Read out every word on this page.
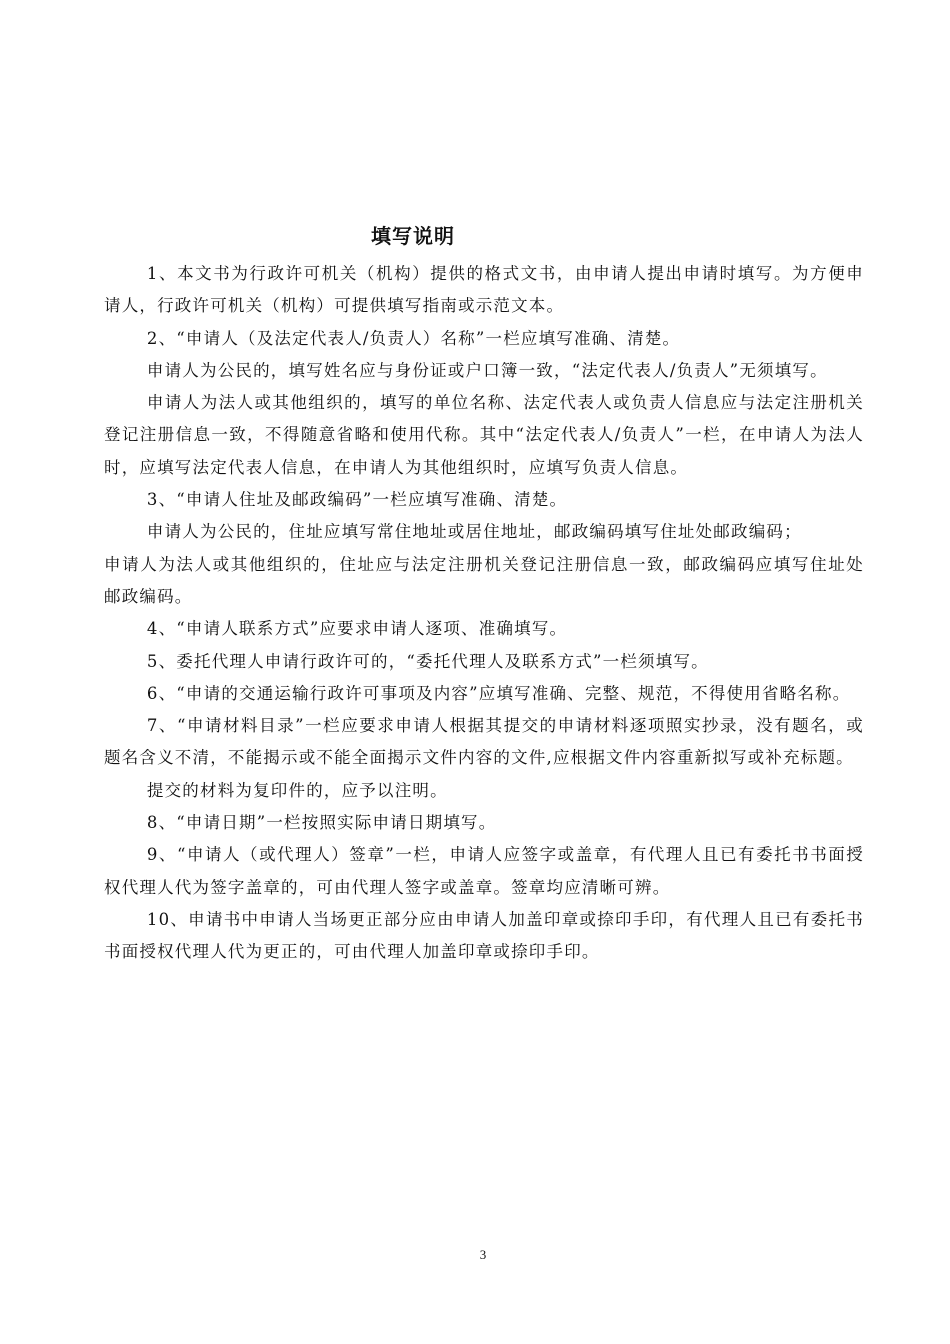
填写说明

1、本文书为行政许可机关（机构）提供的格式文书，由申请人提出申请时填写。为方便申请人，行政许可机关（机构）可提供填写指南或示范文本。

2、“申请人（及法定代表人/负责人）名称”一栏应填写准确、清楚。

申请人为公民的，填写姓名应与身份证或户口簿一致，“法定代表人/负责人”无须填写。

申请人为法人或其他组织的，填写的单位名称、法定代表人或负责人信息应与法定注册机关登记注册信息一致，不得随意省略和使用代称。其中“法定代表人/负责人”一栏，在申请人为法人时，应填写法定代表人信息，在申请人为其他组织时，应填写负责人信息。

3、“申请人住址及邮政编码”一栏应填写准确、清楚。

申请人为公民的，住址应填写常住地址或居住地址，邮政编码填写住址处邮政编码；

申请人为法人或其他组织的，住址应与法定注册机关登记注册信息一致，邮政编码应填写住址处邮政编码。

4、“申请人联系方式”应要求申请人逐项、准确填写。

5、委托代理人申请行政许可的，“委托代理人及联系方式”一栏须填写。

6、“申请的交通运输行政许可事项及内容”应填写准确、完整、规范，不得使用省略名称。

7、“申请材料目录”一栏应要求申请人根据其提交的申请材料逐项照实抄录，没有题名，或题名含义不清，不能揭示或不能全面揭示文件内容的文件,应根据文件内容重新拟写或补充标题。

提交的材料为复印件的，应予以注明。

8、“申请日期”一栏按照实际申请日期填写。

9、“申请人（或代理人）签章”一栏，申请人应签字或盖章，有代理人且已有委托书书面授权代理人代为签字盖章的，可由代理人签字或盖章。签章均应清晰可辨。

10、申请书中申请人当场更正部分应由申请人加盖印章或捺印手印，有代理人且已有委托书书面授权代理人代为更正的，可由代理人加盖印章或捺印手印。

3
